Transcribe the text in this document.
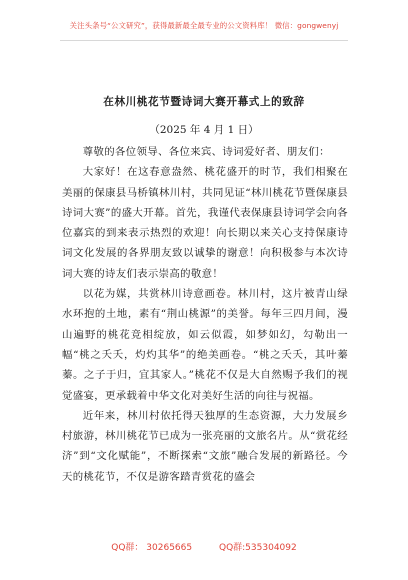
关注头条号“公文研究”，获得最新最全最专业的公文资料库！ 微信：gongwenyj
在林川桃花节暨诗词大赛开幕式上的致辞
（2025 年 4 月 1 日）

尊敬的各位领导、各位来宾、诗词爱好者、朋友们：

大家好！在这春意盎然、桃花盛开的时节，我们相聚在美丽的保康县马桥镇林川村，共同见证“林川桃花节暨保康县诗词大赛”的盛大开幕。首先，我谨代表保康县诗词学会向各位嘉宾的到来表示热烈的欢迎！向长期以来关心支持保康诗词文化发展的各界朋友致以诚挚的谢意！向积极参与本次诗词大赛的诗友们表示崇高的敬意！

以花为媒，共赏林川诗意画卷。林川村，这片被青山绿水环抱的土地，素有“荆山桃源”的美誉。每年三四月间，漫山遍野的桃花竞相绽放，如云似霞，如梦如幻，勾勒出一幅“桃之夭夭，灼灼其华”的绝美画卷。“桃之夭夭，其叶蓁蓁。之子于归，宜其家人。”桃花不仅是大自然赐予我们的视觉盛宴，更承载着中华文化对美好生活的向往与祝福。

近年来，林川村依托得天独厚的生态资源，大力发展乡村旅游，林川桃花节已成为一张亮丽的文旅名片。从“赏花经济”到“文化赋能”，不断探索“文旅”融合发展的新路径。今天的桃花节，不仅是游客踏青赏花的盛会

QQ群： 30265665	QQ群:535304092
